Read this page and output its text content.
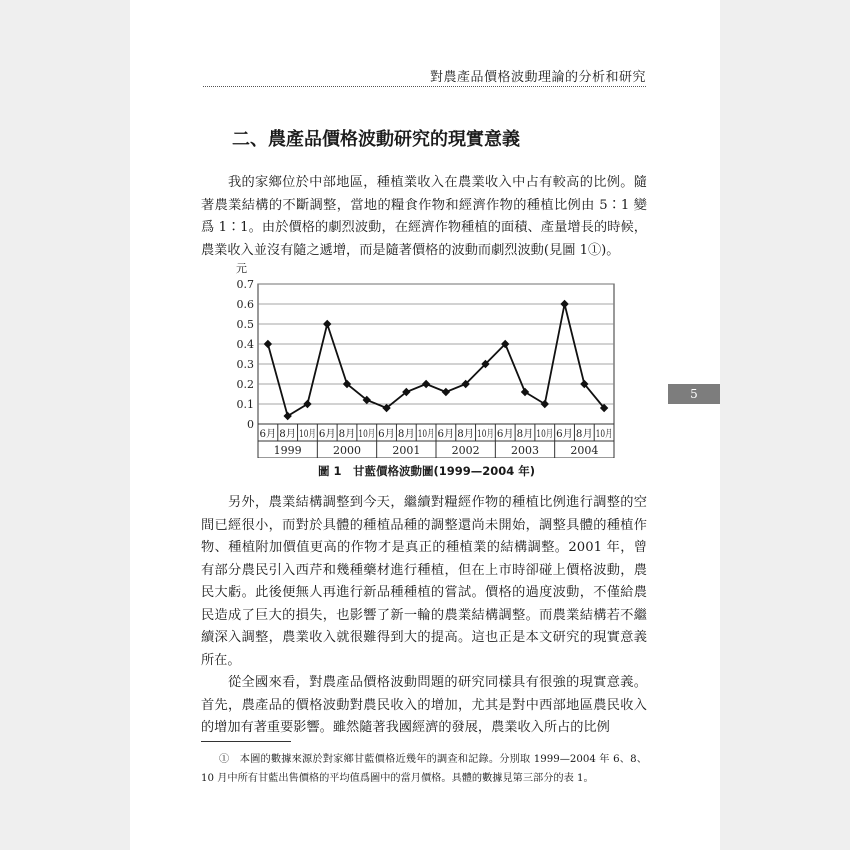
對農產品價格波動理論的分析和研究
二、農產品價格波動研究的現實意義

我的家鄉位於中部地區，種植業收入在農業收入中占有較高的比例。隨著農業結構的不斷調整，當地的糧食作物和經濟作物的種植比例由 5∶1 變爲 1∶1。由於價格的劇烈波動，在經濟作物種植的面積、產量增長的時候，農業收入並沒有隨之遞增，而是隨著價格的波動而劇烈波動(見圖 1①)。

0
0.1
0.2
0.3
0.4
0.5
0.6
0.7
元
6月 8月 10月
6月 8月 10月
6月 8月 10月
6月 8月 10月
6月 8月 10月
6月 8月 10月
1999	2000	2001	2002	2003	2004
圖 1　甘藍價格波動圖(1999—2004 年)
5

另外，農業結構調整到今天，繼續對糧經作物的種植比例進行調整的空間已經很小，而對於具體的種植品種的調整還尚未開始，調整具體的種植作物、種植附加價值更高的作物才是真正的種植業的結構調整。2001 年，曾有部分農民引入西芹和幾種藥材進行種植，但在上市時卻碰上價格波動，農民大虧。此後便無人再進行新品種種植的嘗試。價格的過度波動，不僅給農民造成了巨大的損失，也影響了新一輪的農業結構調整。而農業結構若不繼續深入調整，農業收入就很難得到大的提高。這也正是本文研究的現實意義所在。

從全國來看，對農產品價格波動問題的研究同樣具有很強的現實意義。首先，農產品的價格波動對農民收入的增加，尤其是對中西部地區農民收入的增加有著重要影響。雖然隨著我國經濟的發展，農業收入所占的比例

①　本圖的數據來源於對家鄉甘藍價格近幾年的調查和記錄。分別取 1999—2004 年 6、8、10 月中所有甘藍出售價格的平均值爲圖中的當月價格。具體的數據見第三部分的表 1。
